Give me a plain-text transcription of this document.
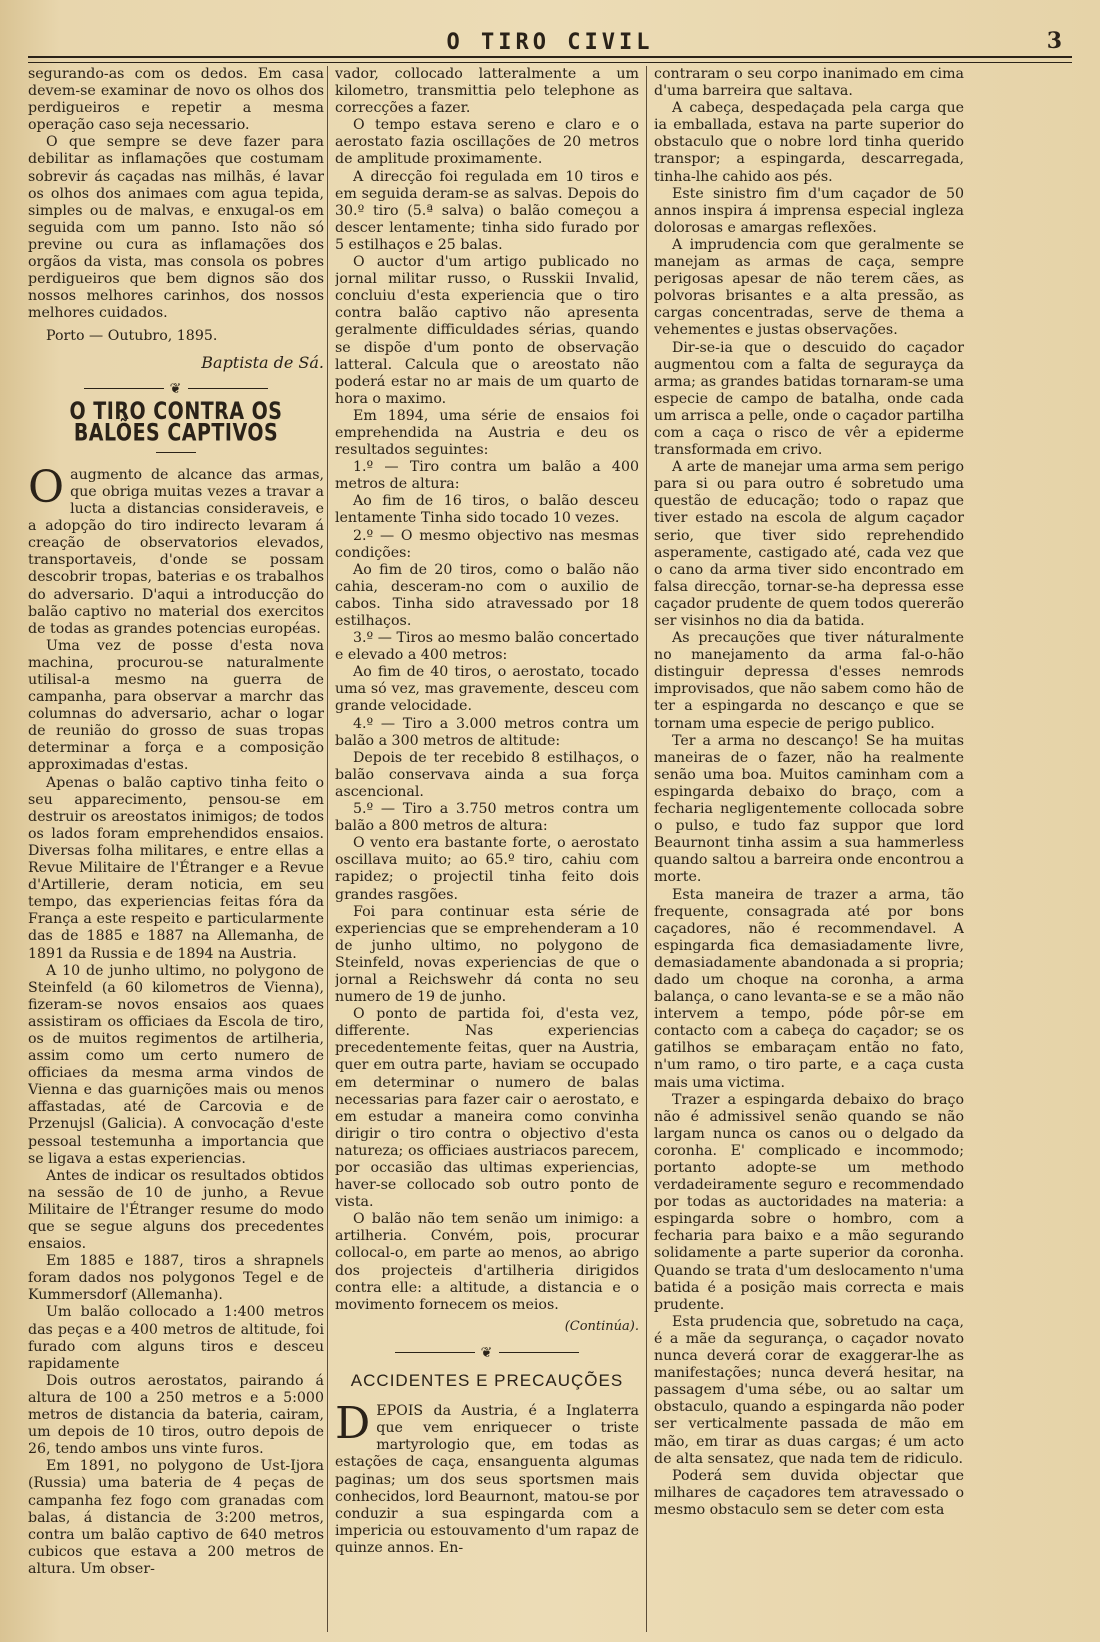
O TIRO CIVIL	3

segurando-as com os dedos. Em casa devem-se examinar de novo os olhos dos perdigueiros e repetir a mesma operação caso seja necessario.

O que sempre se deve fazer para debilitar as inflamações que costumam sobrevir ás caçadas nas milhãs, é lavar os olhos dos animaes com agua tepida, simples ou de malvas, e enxugal-os em seguida com um panno. Isto não só previne ou cura as inflamações dos orgãos da vista, mas consola os pobres perdigueiros que bem dignos são dos nossos melhores carinhos, dos nossos melhores cuidados.

Porto — Outubro, 1895.

Baptista de Sá.
❦
O TIRO CONTRA OS BALÕES CAPTIVOS

Oaugmento de alcance das armas, que obriga muitas vezes a travar a lucta a distancias consideraveis, e a adopção do tiro indirecto levaram á creação de observatorios elevados, transportaveis, d'onde se possam descobrir tropas, baterias e os trabalhos do adversario. D'aqui a introducção do balão captivo no material dos exercitos de todas as grandes potencias européas.

Uma vez de posse d'esta nova machina, procurou-se naturalmente utilisal-a mesmo na guerra de campanha, para observar a marchr das columnas do adversario, achar o logar de reunião do grosso de suas tropas determinar a força e a composição approximadas d'estas.

Apenas o balão captivo tinha feito o seu apparecimento, pensou-se em destruir os areostatos inimigos; de todos os lados foram emprehendidos ensaios. Diversas folha militares, e entre ellas a Revue Militaire de l'Étranger e a Revue d'Artillerie, deram noticia, em seu tempo, das experiencias feitas fóra da França a este respeito e particularmente das de 1885 e 1887 na Allemanha, de 1891 da Russia e de 1894 na Austria.

A 10 de junho ultimo, no polygono de Steinfeld (a 60 kilometros de Vienna), fizeram-se novos ensaios aos quaes assistiram os officiaes da Escola de tiro, os de muitos regimentos de artilheria, assim como um certo numero de officiaes da mesma arma vindos de Vienna e das guarnições mais ou menos affastadas, até de Carcovia e de Przenujsl (Galicia). A convocação d'este pessoal testemunha a importancia que se ligava a estas experiencias.

Antes de indicar os resultados obtidos na sessão de 10 de junho, a Revue Militaire de l'Étranger resume do modo que se segue alguns dos precedentes ensaios.

Em 1885 e 1887, tiros a shrapnels foram dados nos polygonos Tegel e de Kummersdorf (Allemanha).

Um balão collocado a 1:400 metros das peças e a 400 metros de altitude, foi furado com alguns tiros e desceu rapidamente

Dois outros aerostatos, pairando á altura de 100 a 250 metros e a 5:000 metros de distancia da bateria, cairam, um depois de 10 tiros, outro depois de 26, tendo ambos uns vinte furos.

Em 1891, no polygono de Ust-Ijora (Russia) uma bateria de 4 peças de campanha fez fogo com granadas com balas, á distancia de 3:200 metros, contra um balão captivo de 640 metros cubicos que estava a 200 metros de altura. Um obser-

vador, collocado latteralmente a um kilometro, transmittia pelo telephone as correcções a fazer.

O tempo estava sereno e claro e o aerostato fazia oscillações de 20 metros de amplitude proximamente.

A direcção foi regulada em 10 tiros e em seguida deram-se as salvas. Depois do 30.º tiro (5.ª salva) o balão começou a descer lentamente; tinha sido furado por 5 estilhaços e 25 balas.

O auctor d'um artigo publicado no jornal militar russo, o Russkii Invalid, concluiu d'esta experiencia que o tiro contra balão captivo não apresenta geralmente difficuldades sérias, quando se dispõe d'um ponto de observação latteral. Calcula que o areostato não poderá estar no ar mais de um quarto de hora o maximo.

Em 1894, uma série de ensaios foi emprehendida na Austria e deu os resultados seguintes:

1.º — Tiro contra um balão a 400 metros de altura:

Ao fim de 16 tiros, o balão desceu lentamente Tinha sido tocado 10 vezes.

2.º — O mesmo objectivo nas mesmas condições:

Ao fim de 20 tiros, como o balão não cahia, desceram-no com o auxilio de cabos. Tinha sido atravessado por 18 estilhaços.

3.º — Tiros ao mesmo balão concertado e elevado a 400 metros:

Ao fim de 40 tiros, o aerostato, tocado uma só vez, mas gravemente, desceu com grande velocidade.

4.º — Tiro a 3.000 metros contra um balão a 300 metros de altitude:

Depois de ter recebido 8 estilhaços, o balão conservava ainda a sua força ascencional.

5.º — Tiro a 3.750 metros contra um balão a 800 metros de altura:

O vento era bastante forte, o aerostato oscillava muito; ao 65.º tiro, cahiu com rapidez; o projectil tinha feito dois grandes rasgões.

Foi para continuar esta série de experiencias que se emprehenderam a 10 de junho ultimo, no polygono de Steinfeld, novas experiencias de que o jornal a Reichswehr dá conta no seu numero de 19 de junho.

O ponto de partida foi, d'esta vez, differente. Nas experiencias precedentemente feitas, quer na Austria, quer em outra parte, haviam se occupado em determinar o numero de balas necessarias para fazer cair o aerostato, e em estudar a maneira como convinha dirigir o tiro contra o objectivo d'esta natureza; os officiaes austriacos parecem, por occasião das ultimas experiencias, haver-se collocado sob outro ponto de vista.

O balão não tem senão um inimigo: a artilheria. Convém, pois, procurar collocal-o, em parte ao menos, ao abrigo dos projecteis d'artilheria dirigidos contra elle: a altitude, a distancia e o movimento fornecem os meios.

(Continúa).
❦
ACCIDENTES E PRECAUÇÕES

DEPOIS da Austria, é a Inglaterra que vem enriquecer o triste martyrologio que, em todas as estações de caça, ensanguenta algumas paginas; um dos seus sportsmen mais conhecidos, lord Beaurnont, matou-se por conduzir a sua espingarda com a impericia ou estouvamento d'um rapaz de quinze annos. En-

contraram o seu corpo inanimado em cima d'uma barreira que saltava.

A cabeça, despedaçada pela carga que ia emballada, estava na parte superior do obstaculo que o nobre lord tinha querido transpor; a espingarda, descarregada, tinha-lhe cahido aos pés.

Este sinistro fim d'um caçador de 50 annos inspira á imprensa especial ingleza dolorosas e amargas reflexões.

A imprudencia com que geralmente se manejam as armas de caça, sempre perigosas apesar de não terem cães, as polvoras brisantes e a alta pressão, as cargas concentradas, serve de thema a vehementes e justas observações.

Dir-se-ia que o descuido do caçador augmentou com a falta de seguraуça da arma; as grandes batidas tornaram-se uma especie de campo de batalha, onde cada um arrisca a pelle, onde o caçador partilha com a caça o risco de vêr a epiderme transformada em crivo.

A arte de manejar uma arma sem perigo para si ou para outro é sobretudo uma questão de educação; todo o rapaz que tiver estado na escola de algum caçador serio, que tiver sido reprehendido asperamente, castigado até, cada vez que o cano da arma tiver sido encontrado em falsa direcção, tornar-se-ha depressa esse caçador prudente de quem todos quererão ser visinhos no dia da batida.

As precauções que tiver náturalmente no manejamento da arma fal-o-hão distinguir depressa d'esses nemrods improvisados, que não sabem como hão de ter a espingarda no descanço e que se tornam uma especie de perigo publico.

Ter a arma no descanço! Se ha muitas maneiras de o fazer, não ha realmente senão uma boa. Muitos caminham com a espingarda debaixo do braço, com a fecharia negligentemente collocada sobre o pulso, e tudo faz suppor que lord Beaurnont tinha assim a sua hammerless quando saltou a barreira onde encontrou a morte.

Esta maneira de trazer a arma, tão frequente, consagrada até por bons caçadores, não é recommendavel. A espingarda fica demasiadamente livre, demasiadamente abandonada a si propria; dado um choque na coronha, a arma balança, o cano levanta-se e se a mão não intervem a tempo, póde pôr-se em contacto com a cabeça do caçador; se os gatilhos se embaraçam então no fato, n'um ramo, o tiro parte, e a caça custa mais uma victima.

Trazer a espingarda debaixo do braço não é admissivel senão quando se não largam nunca os canos ou o delgado da coronha. E' complicado e incommodo; portanto adopte-se um methodo verdadeiramente seguro e recommendado por todas as auctoridades na materia: a espingarda sobre o hombro, com a fecharia para baixo e a mão segurando solidamente a parte superior da coronha. Quando se trata d'um deslocamento n'uma batida é a posição mais correcta e mais prudente.

Esta prudencia que, sobretudo na caça, é a mãe da segurança, o caçador novato nunca deverá corar de exaggerar-lhe as manifestações; nunca deverá hesitar, na passagem d'uma sébe, ou ao saltar um obstaculo, quando a espingarda não poder ser verticalmente passada de mão em mão, em tirar as duas cargas; é um acto de alta sensatez, que nada tem de ridiculo.

Poderá sem duvida objectar que milhares de caçadores tem atravessado o mesmo obstaculo sem se deter com esta
